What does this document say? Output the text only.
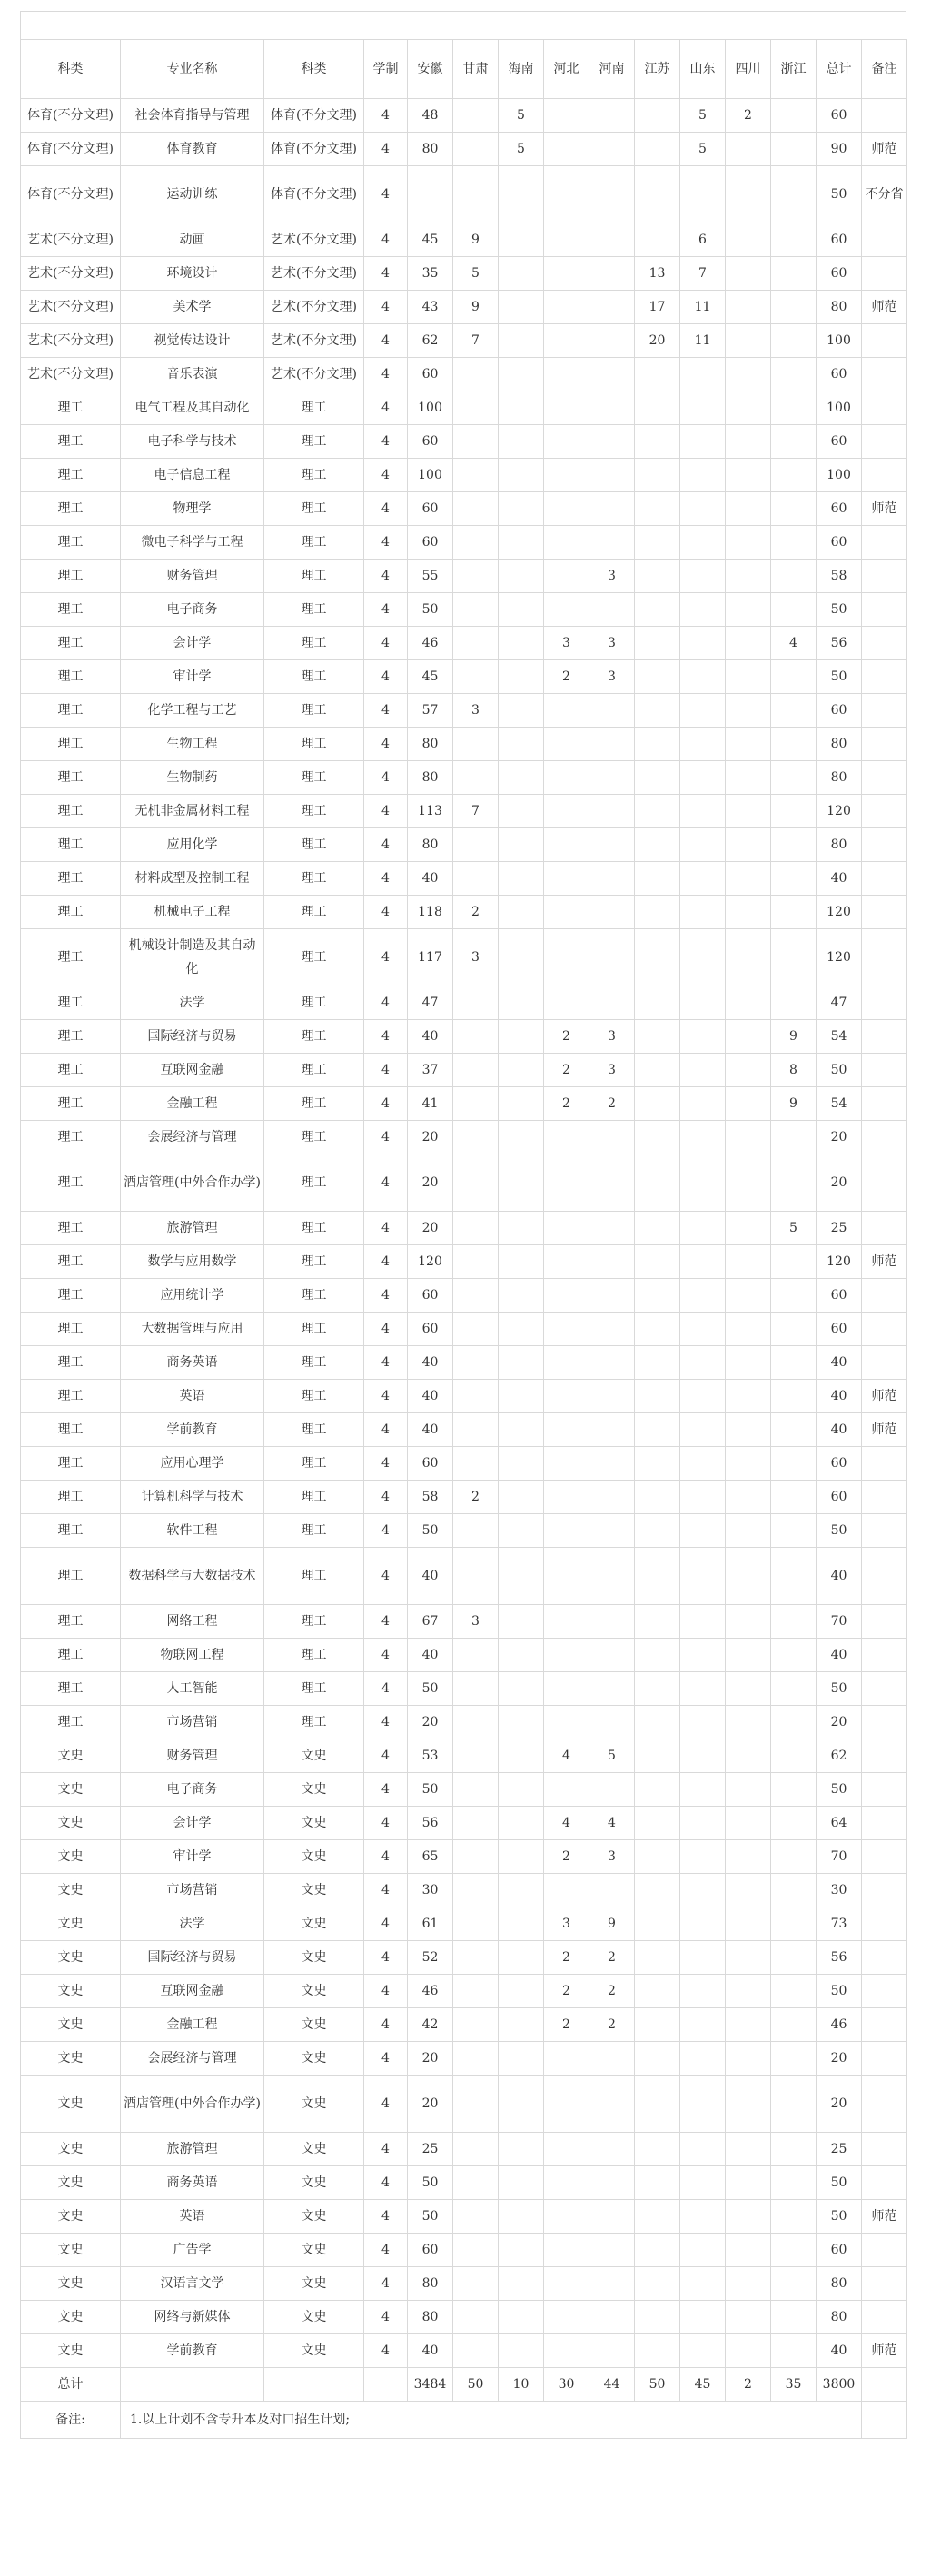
科类	专业名称	科类	学制	安徽	甘肃	海南	河北	河南	江苏	山东	四川	浙江	总计	备注
体育(不分文理)	社会体育指导与管理	体育(不分文理)	4	48		5				5	2		60	
体育(不分文理)	体育教育	体育(不分文理)	4	80		5				5			90	师范
体育(不分文理)	运动训练	体育(不分文理)	4										50	不分省
艺术(不分文理)	动画	艺术(不分文理)	4	45	9					6			60	
艺术(不分文理)	环境设计	艺术(不分文理)	4	35	5				13	7			60	
艺术(不分文理)	美术学	艺术(不分文理)	4	43	9				17	11			80	师范
艺术(不分文理)	视觉传达设计	艺术(不分文理)	4	62	7				20	11			100	
艺术(不分文理)	音乐表演	艺术(不分文理)	4	60									60	
理工	电气工程及其自动化	理工	4	100									100	
理工	电子科学与技术	理工	4	60									60	
理工	电子信息工程	理工	4	100									100	
理工	物理学	理工	4	60									60	师范
理工	微电子科学与工程	理工	4	60									60	
理工	财务管理	理工	4	55				3					58	
理工	电子商务	理工	4	50									50	
理工	会计学	理工	4	46			3	3				4	56	
理工	审计学	理工	4	45			2	3					50	
理工	化学工程与工艺	理工	4	57	3								60	
理工	生物工程	理工	4	80									80	
理工	生物制药	理工	4	80									80	
理工	无机非金属材料工程	理工	4	113	7								120	
理工	应用化学	理工	4	80									80	
理工	材料成型及控制工程	理工	4	40									40	
理工	机械电子工程	理工	4	118	2								120	
理工	机械设计制造及其自动化	理工	4	117	3								120	
理工	法学	理工	4	47									47	
理工	国际经济与贸易	理工	4	40			2	3				9	54	
理工	互联网金融	理工	4	37			2	3				8	50	
理工	金融工程	理工	4	41			2	2				9	54	
理工	会展经济与管理	理工	4	20									20	
理工	酒店管理(中外合作办学)	理工	4	20									20	
理工	旅游管理	理工	4	20								5	25	
理工	数学与应用数学	理工	4	120									120	师范
理工	应用统计学	理工	4	60									60	
理工	大数据管理与应用	理工	4	60									60	
理工	商务英语	理工	4	40									40	
理工	英语	理工	4	40									40	师范
理工	学前教育	理工	4	40									40	师范
理工	应用心理学	理工	4	60									60	
理工	计算机科学与技术	理工	4	58	2								60	
理工	软件工程	理工	4	50									50	
理工	数据科学与大数据技术	理工	4	40									40	
理工	网络工程	理工	4	67	3								70	
理工	物联网工程	理工	4	40									40	
理工	人工智能	理工	4	50									50	
理工	市场营销	理工	4	20									20	
文史	财务管理	文史	4	53			4	5					62	
文史	电子商务	文史	4	50									50	
文史	会计学	文史	4	56			4	4					64	
文史	审计学	文史	4	65			2	3					70	
文史	市场营销	文史	4	30									30	
文史	法学	文史	4	61			3	9					73	
文史	国际经济与贸易	文史	4	52			2	2					56	
文史	互联网金融	文史	4	46			2	2					50	
文史	金融工程	文史	4	42			2	2					46	
文史	会展经济与管理	文史	4	20									20	
文史	酒店管理(中外合作办学)	文史	4	20									20	
文史	旅游管理	文史	4	25									25	
文史	商务英语	文史	4	50									50	
文史	英语	文史	4	50									50	师范
文史	广告学	文史	4	60									60	
文史	汉语言文学	文史	4	80									80	
文史	网络与新媒体	文史	4	80									80	
文史	学前教育	文史	4	40									40	师范
总计				3484	50	10	30	44	50	45	2	35	3800	
备注:	1.以上计划不含专升本及对口招生计划;													
